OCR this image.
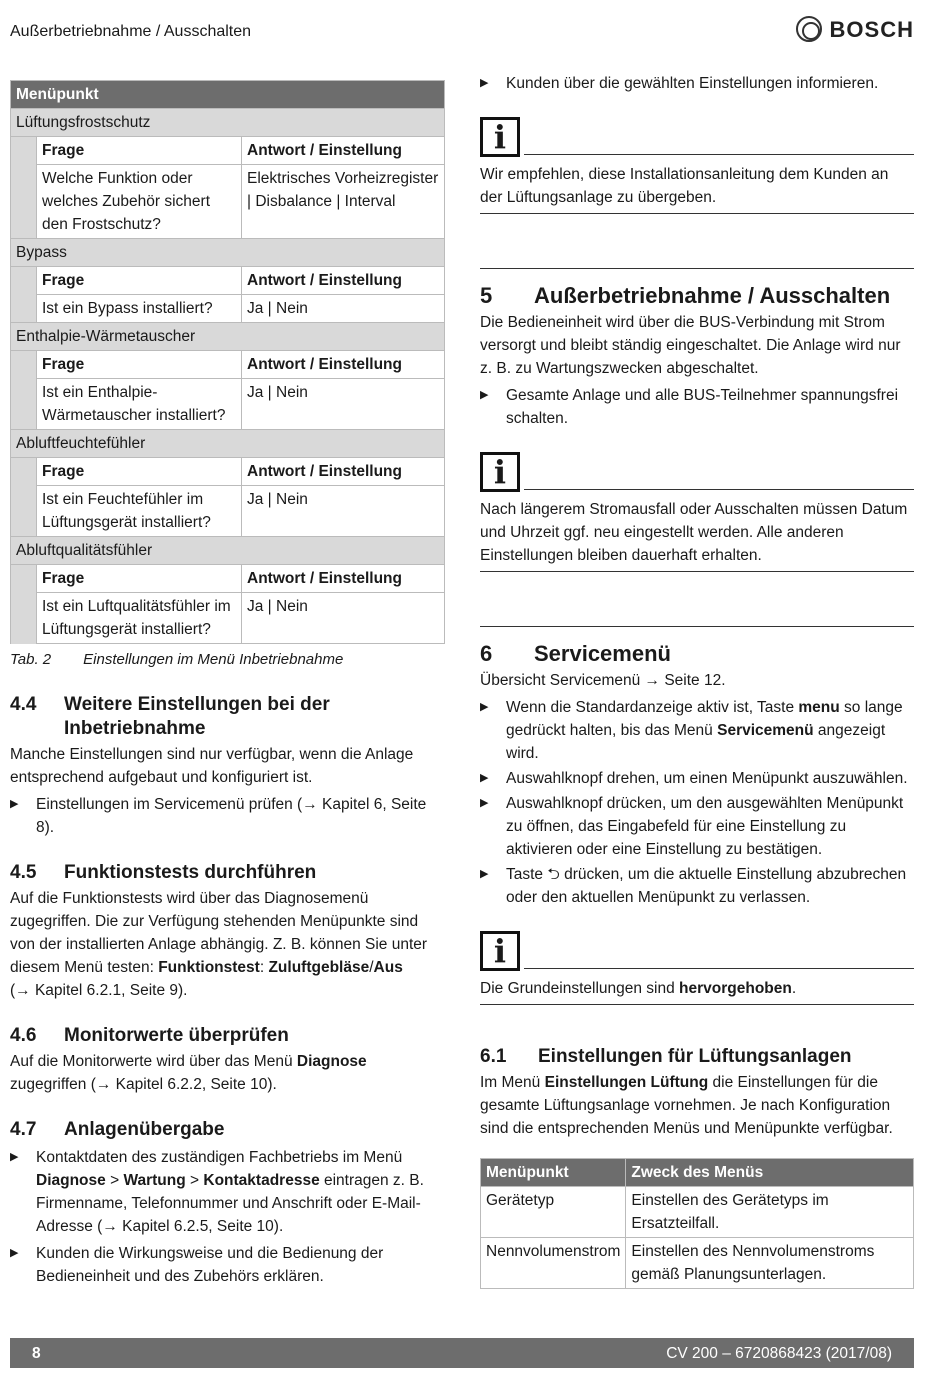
Außerbetriebnahme / Ausschalten	BOSCH
Menüpunkt		
Lüftungsfrostschutz		
	Frage	Antwort / Einstellung
	Welche Funktion oder welches Zubehör sichert den Frostschutz?	Elektrisches Vorheizregister | Disbalance | Interval
Bypass		
	Frage	Antwort / Einstellung
	Ist ein Bypass installiert?	Ja | Nein
Enthalpie-Wärmetauscher		
	Frage	Antwort / Einstellung
	Ist ein Enthalpie-Wärmetauscher installiert?	Ja | Nein
Abluftfeuchtefühler		
	Frage	Antwort / Einstellung
	Ist ein Feuchtefühler im Lüftungsgerät installiert?	Ja | Nein
Abluftqualitätsfühler		
	Frage	Antwort / Einstellung
	Ist ein Luftqualitätsfühler im Lüftungsgerät installiert?	Ja | Nein
Tab. 2 Einstellungen im Menü Inbetriebnahme
4.4	Weitere Einstellungen bei der Inbetriebnahme

Manche Einstellungen sind nur verfügbar, wenn die Anlage entsprechend aufgebaut und konfiguriert ist.

▶	Einstellungen im Servicemenü prüfen (→ Kapitel 6, Seite 8).
4.5	Funktionstests durchführen

Auf die Funktionstests wird über das Diagnosemenü zugegriffen. Die zur Verfügung stehenden Menüpunkte sind von der installierten Anlage abhängig. Z. B. können Sie unter diesem Menü testen: Funktionstest: Zuluftgebläse/Aus
(→ Kapitel 6.2.1, Seite 9).

4.6	Monitorwerte überprüfen

Auf die Monitorwerte wird über das Menü Diagnose zugegriffen (→ Kapitel 6.2.2, Seite 10).

4.7	Anlagenübergabe
▶	Kontaktdaten des zuständigen Fachbetriebs im Menü Diagnose > Wartung > Kontaktadresse eintragen z. B. Firmenname, Telefonnummer und Anschrift oder E-Mail-Adresse (→ Kapitel 6.2.5, Seite 10).
▶	Kunden die Wirkungsweise und die Bedienung der Bedieneinheit und des Zubehörs erklären.
▶	Kunden über die gewählten Einstellungen informieren.
i
Wir empfehlen, diese Installationsanleitung dem Kunden an der Lüftungsanlage zu übergeben.
5	Außerbetriebnahme / Ausschalten

Die Bedieneinheit wird über die BUS-Verbindung mit Strom versorgt und bleibt ständig eingeschaltet. Die Anlage wird nur z. B. zu Wartungszwecken abgeschaltet.

▶	Gesamte Anlage und alle BUS-Teilnehmer spannungsfrei schalten.
i
Nach längerem Stromausfall oder Ausschalten müssen Datum und Uhrzeit ggf. neu eingestellt werden. Alle anderen Einstellungen bleiben dauerhaft erhalten.
6	Servicemenü

Übersicht Servicemenü → Seite 12.

▶	Wenn die Standardanzeige aktiv ist, Taste menu so lange gedrückt halten, bis das Menü Servicemenü angezeigt wird.
▶	Auswahlknopf drehen, um einen Menüpunkt auszuwählen.
▶	Auswahlknopf drücken, um den ausgewählten Menüpunkt zu öffnen, das Eingabefeld für eine Einstellung zu aktivieren oder eine Einstellung zu bestätigen.
▶	Taste ⮌ drücken, um die aktuelle Einstellung abzubrechen oder den aktuellen Menüpunkt zu verlassen.
i
Die Grundeinstellungen sind hervorgehoben.
6.1	Einstellungen für Lüftungsanlagen

Im Menü Einstellungen Lüftung die Einstellungen für die gesamte Lüftungsanlage vornehmen. Je nach Konfiguration sind die entsprechenden Menüs und Menüpunkte verfügbar.

Menüpunkt	Zweck des Menüs
Gerätetyp	Einstellen des Gerätetyps im Ersatzteilfall.
Nennvolumenstrom	Einstellen des Nennvolumenstroms gemäß Planungsunterlagen.
8	CV 200 – 6720868423 (2017/08)
